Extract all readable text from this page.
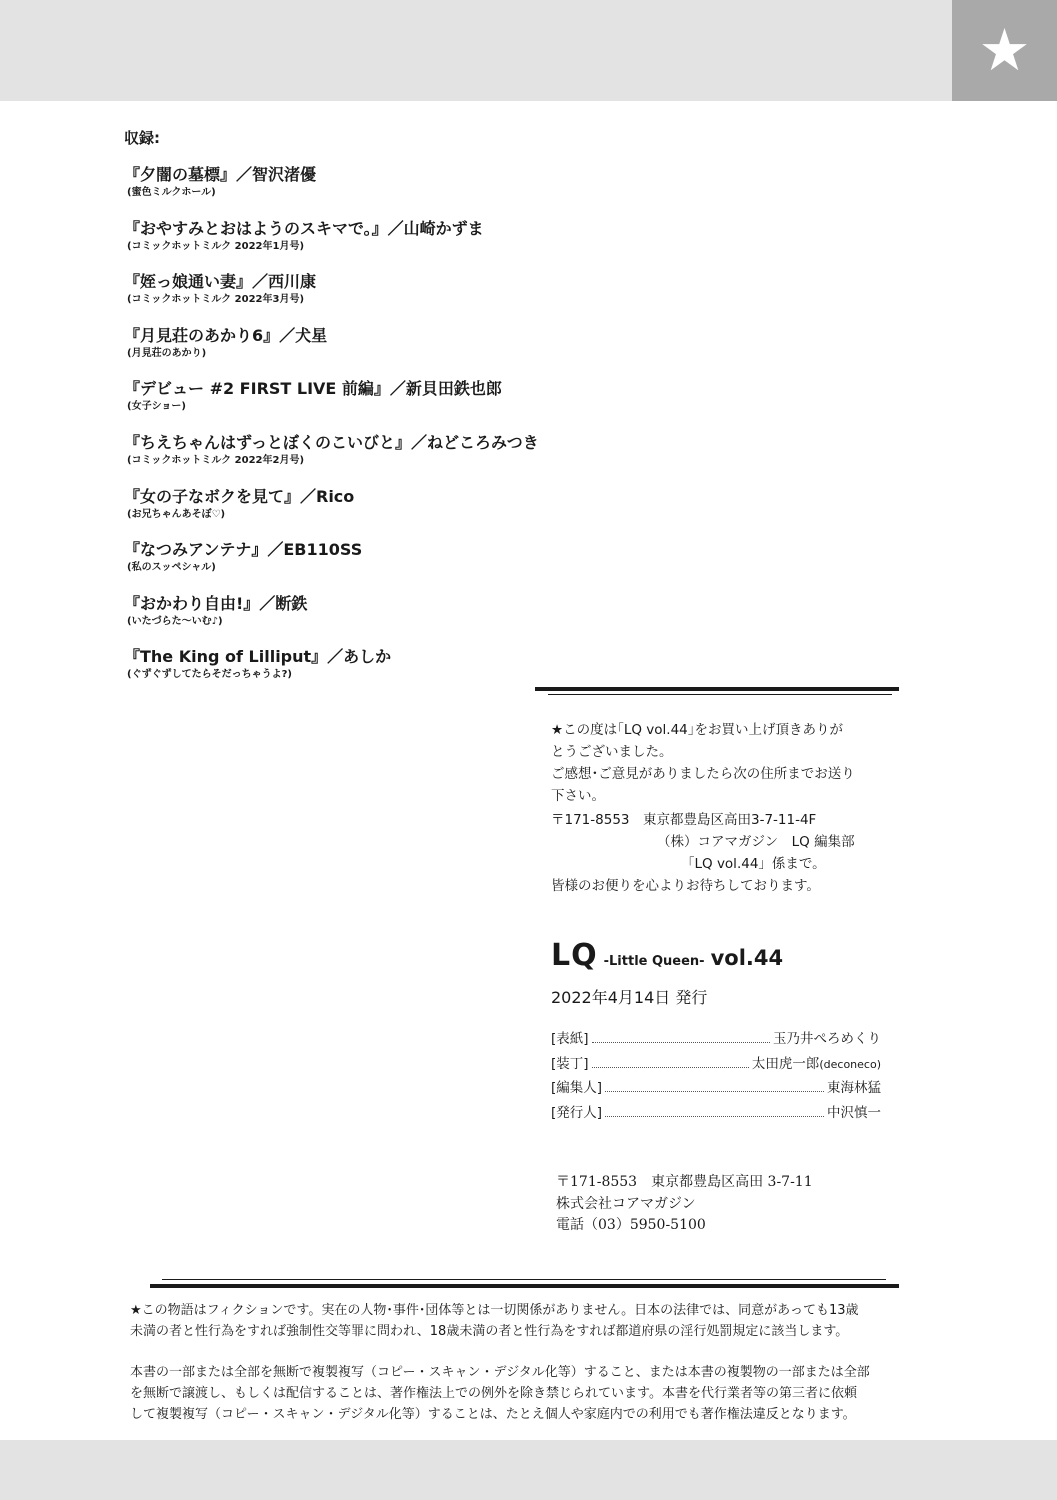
★
収録:
『夕闇の墓標』／智沢渚優
(蜜色ミルクホール)
『おやすみとおはようのスキマで。』／山崎かずま
(コミックホットミルク 2022年1月号)
『姪っ娘通い妻』／西川康
(コミックホットミルク 2022年3月号)
『月見荘のあかり6』／犬星
(月見荘のあかり)
『デビュー #2 FIRST LIVE 前編』／新貝田鉄也郎
(女子ショー)
『ちえちゃんはずっとぼくのこいびと』／ねどころみつき
(コミックホットミルク 2022年2月号)
『女の子なボクを見て』／Rico
(お兄ちゃんあそぼ♡)
『なつみアンテナ』／EB110SS
(私のスッペシャル)
『おかわり自由!』／断鉄
(いたづらた〜いむ♪)
『The King of Lilliput』／あしか
(ぐずぐずしてたらそだっちゃうよ?)

★この度は｢LQ vol.44｣をお買い上げ頂きありが

とうございました。

ご感想･ご意見がありましたら次の住所までお送り

下さい。

〒171-8553　東京都豊島区高田3-7-11-4F
（株）コアマガジン　LQ 編集部
「LQ vol.44」係まで。

皆様のお便りを心よりお待ちしております。

LQ -Little Queen- vol.44
2022年4月14日 発行
[表紙]	玉乃井ぺろめくり
[装丁]	太田虎一郎 (deconeco)
[編集人]	東海林猛
[発行人]	中沢慎一
〒171-8553　東京都豊島区高田 3-7-11
株式会社コアマガジン
電話（03）5950-5100

★この物語はフィクションです。実在の人物･事件･団体等とは一切関係がありません。日本の法律では、同意があっても13歳

未満の者と性行為をすれば強制性交等罪に問われ、18歳未満の者と性行為をすれば都道府県の淫行処罰規定に該当します。

本書の一部または全部を無断で複製複写（コピー・スキャン・デジタル化等）すること、または本書の複製物の一部または全部

を無断で譲渡し、もしくは配信することは、著作権法上での例外を除き禁じられています。本書を代行業者等の第三者に依頼

して複製複写（コピー・スキャン・デジタル化等）することは、たとえ個人や家庭内での利用でも著作権法違反となります。
